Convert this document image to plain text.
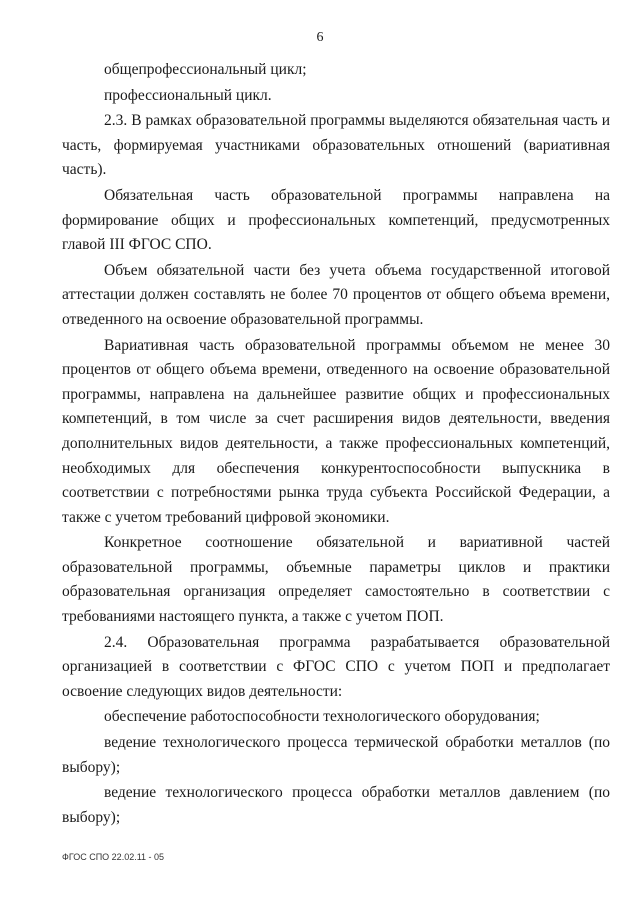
6

общепрофессиональный цикл;

профессиональный цикл.

2.3. В рамках образовательной программы выделяются обязательная часть и часть, формируемая участниками образовательных отношений (вариативная часть).

Обязательная часть образовательной программы направлена на формирование общих и профессиональных компетенций, предусмотренных главой III ФГОС СПО.

Объем обязательной части без учета объема государственной итоговой аттестации должен составлять не более 70 процентов от общего объема времени, отведенного на освоение образовательной программы.

Вариативная часть образовательной программы объемом не менее 30 процентов от общего объема времени, отведенного на освоение образовательной программы, направлена на дальнейшее развитие общих и профессиональных компетенций, в том числе за счет расширения видов деятельности, введения дополнительных видов деятельности, а также профессиональных компетенций, необходимых для обеспечения конкурентоспособности выпускника в соответствии с потребностями рынка труда субъекта Российской Федерации, а также с учетом требований цифровой экономики.

Конкретное соотношение обязательной и вариативной частей образовательной программы, объемные параметры циклов и практики образовательная организация определяет самостоятельно в соответствии с требованиями настоящего пункта, а также с учетом ПОП.

2.4. Образовательная программа разрабатывается образовательной организацией в соответствии с ФГОС СПО с учетом ПОП и предполагает освоение следующих видов деятельности:

обеспечение работоспособности технологического оборудования;

ведение технологического процесса термической обработки металлов (по выбору);

ведение технологического процесса обработки металлов давлением (по выбору);

ФГОС СПО 22.02.11 - 05
